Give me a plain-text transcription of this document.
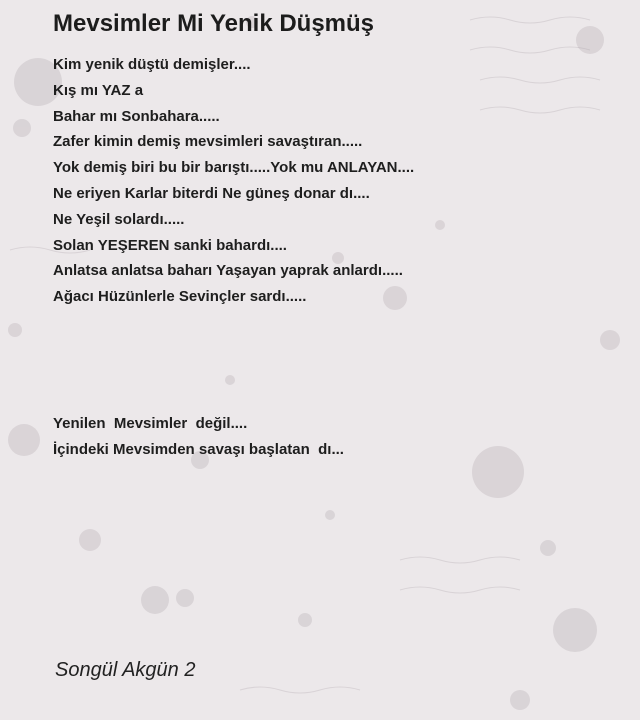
Mevsimler Mi Yenik Düşmüş
Kim yenik düştü demişler....
Kış mı YAZ a
Bahar mı Sonbahara.....
Zafer kimin demiş mevsimleri savaştıran.....
Yok demiş biri bu bir barıştı.....Yok mu ANLAYAN....
Ne eriyen Karlar biterdi Ne güneş donar dı....
Ne Yeşil solardı.....
Solan YEŞEREN sanki bahardı....
Anlatsa anlatsa baharı Yaşayan yaprak anlardı.....
Ağacı Hüzünlerle Sevinçler sardı.....
Yenilen  Mevsimler  değil....
İçindeki Mevsimden savaşı başlatan  dı...
Songül Akgün 2
